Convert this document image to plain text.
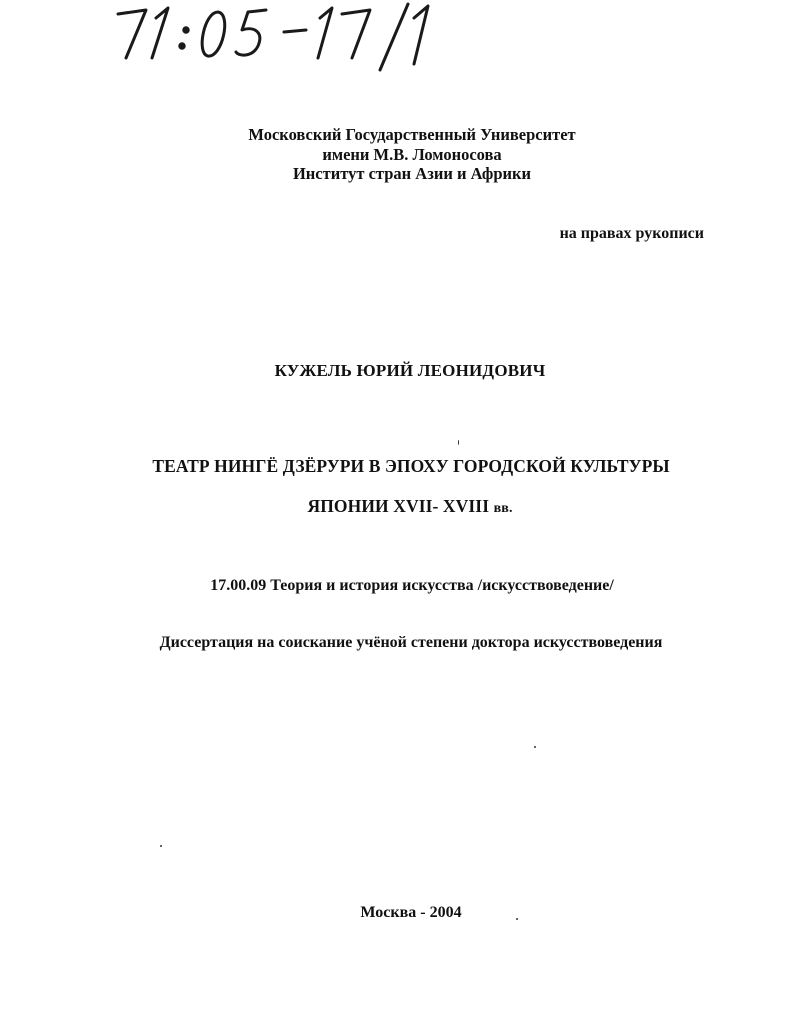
Московский Государственный Университет
имени М.В. Ломоносова
Институт стран Азии и Африки
на правах рукописи
КУЖЕЛЬ ЮРИЙ ЛЕОНИДОВИЧ
ТЕАТР НИНГЁ ДЗЁРУРИ В ЭПОХУ ГОРОДСКОЙ КУЛЬТУРЫ
ЯПОНИИ XVII- XVIII вв.
17.00.09 Теория и история искусства /искусствоведение/
Диссертация на соискание учёной степени доктора искусствоведения
Москва - 2004
